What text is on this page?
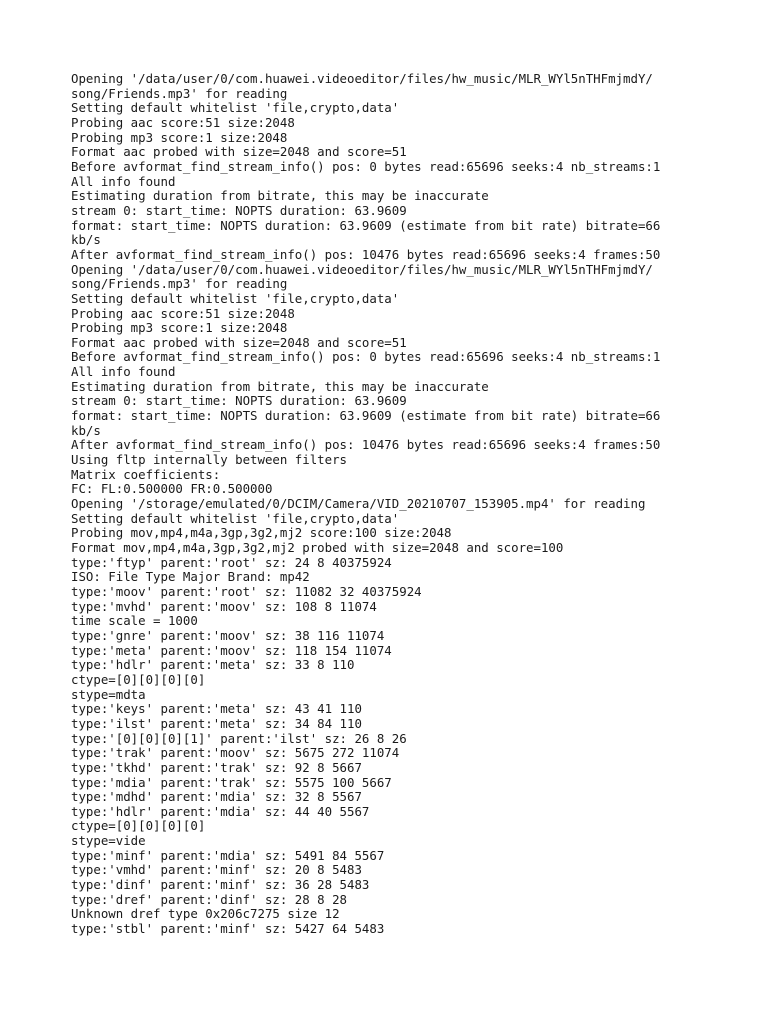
Opening '/data/user/0/com.huawei.videoeditor/files/hw_music/MLR_WYl5nTHFmjmdY/
song/Friends.mp3' for reading
Setting default whitelist 'file,crypto,data'
Probing aac score:51 size:2048
Probing mp3 score:1 size:2048
Format aac probed with size=2048 and score=51
Before avformat_find_stream_info() pos: 0 bytes read:65696 seeks:4 nb_streams:1
All info found
Estimating duration from bitrate, this may be inaccurate
stream 0: start_time: NOPTS duration: 63.9609
format: start_time: NOPTS duration: 63.9609 (estimate from bit rate) bitrate=66
kb/s
After avformat_find_stream_info() pos: 10476 bytes read:65696 seeks:4 frames:50
Opening '/data/user/0/com.huawei.videoeditor/files/hw_music/MLR_WYl5nTHFmjmdY/
song/Friends.mp3' for reading
Setting default whitelist 'file,crypto,data'
Probing aac score:51 size:2048
Probing mp3 score:1 size:2048
Format aac probed with size=2048 and score=51
Before avformat_find_stream_info() pos: 0 bytes read:65696 seeks:4 nb_streams:1
All info found
Estimating duration from bitrate, this may be inaccurate
stream 0: start_time: NOPTS duration: 63.9609
format: start_time: NOPTS duration: 63.9609 (estimate from bit rate) bitrate=66
kb/s
After avformat_find_stream_info() pos: 10476 bytes read:65696 seeks:4 frames:50
Using fltp internally between filters
Matrix coefficients:
FC: FL:0.500000 FR:0.500000
Opening '/storage/emulated/0/DCIM/Camera/VID_20210707_153905.mp4' for reading
Setting default whitelist 'file,crypto,data'
Probing mov,mp4,m4a,3gp,3g2,mj2 score:100 size:2048
Format mov,mp4,m4a,3gp,3g2,mj2 probed with size=2048 and score=100
type:'ftyp' parent:'root' sz: 24 8 40375924
ISO: File Type Major Brand: mp42
type:'moov' parent:'root' sz: 11082 32 40375924
type:'mvhd' parent:'moov' sz: 108 8 11074
time scale = 1000
type:'gnre' parent:'moov' sz: 38 116 11074
type:'meta' parent:'moov' sz: 118 154 11074
type:'hdlr' parent:'meta' sz: 33 8 110
ctype=[0][0][0][0]
stype=mdta
type:'keys' parent:'meta' sz: 43 41 110
type:'ilst' parent:'meta' sz: 34 84 110
type:'[0][0][0][1]' parent:'ilst' sz: 26 8 26
type:'trak' parent:'moov' sz: 5675 272 11074
type:'tkhd' parent:'trak' sz: 92 8 5667
type:'mdia' parent:'trak' sz: 5575 100 5667
type:'mdhd' parent:'mdia' sz: 32 8 5567
type:'hdlr' parent:'mdia' sz: 44 40 5567
ctype=[0][0][0][0]
stype=vide
type:'minf' parent:'mdia' sz: 5491 84 5567
type:'vmhd' parent:'minf' sz: 20 8 5483
type:'dinf' parent:'minf' sz: 36 28 5483
type:'dref' parent:'dinf' sz: 28 8 28
Unknown dref type 0x206c7275 size 12
type:'stbl' parent:'minf' sz: 5427 64 5483
